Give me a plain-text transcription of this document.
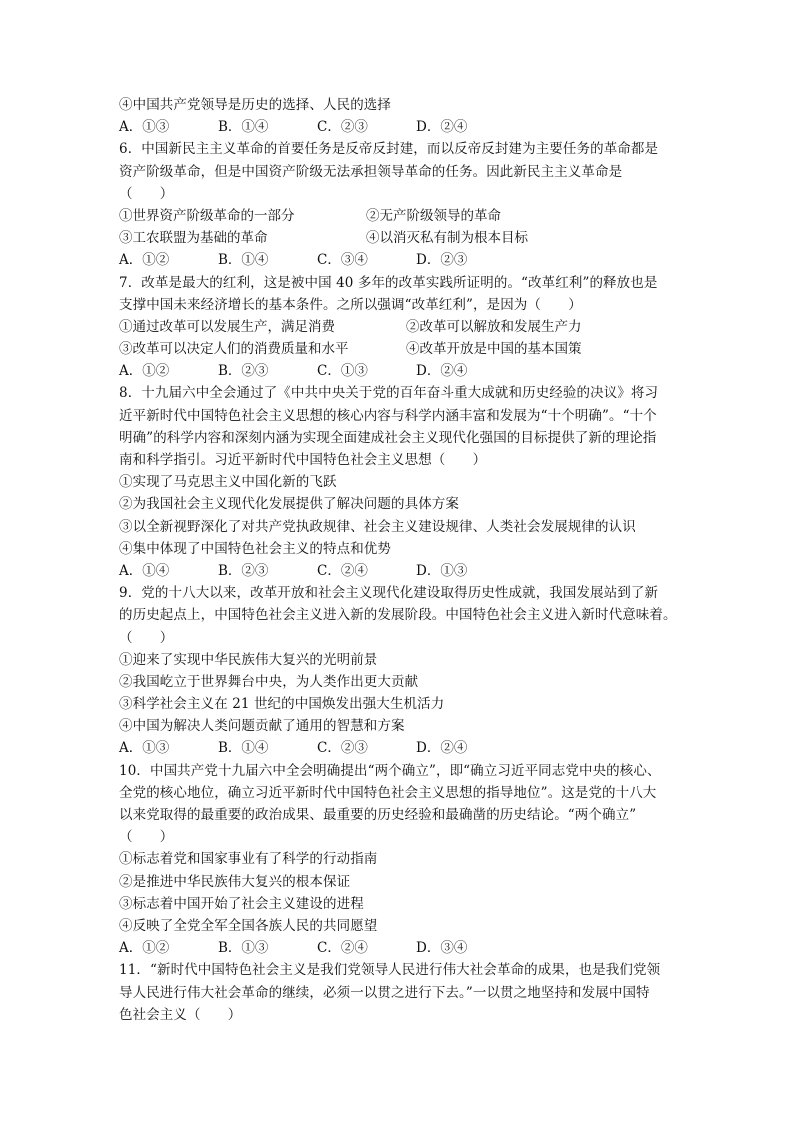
④中国共产党领导是历史的选择、人民的选择
A．①③	B．①④	C．②③	D．②④
6．中国新民主主义革命的首要任务是反帝反封建，而以反帝反封建为主要任务的革命都是
资产阶级革命，但是中国资产阶级无法承担领导革命的任务。因此新民主主义革命是
（　　）
①世界资产阶级革命的一部分	②无产阶级领导的革命
③工农联盟为基础的革命	④以消灭私有制为根本目标
A．①②	B．①④	C．③④	D．②③
7．改革是最大的红利，这是被中国 40 多年的改革实践所证明的。“改革红利”的释放也是
支撑中国未来经济增长的基本条件。之所以强调“改革红利”，是因为（　　）
①通过改革可以发展生产，满足消费	②改革可以解放和发展生产力
③改革可以决定人们的消费质量和水平	④改革开放是中国的基本国策
A．①②	B．②③	C．①③	D．②④
8．十九届六中全会通过了《中共中央关于党的百年奋斗重大成就和历史经验的决议》将习
近平新时代中国特色社会主义思想的核心内容与科学内涵丰富和发展为“十个明确”。“十个
明确”的科学内容和深刻内涵为实现全面建成社会主义现代化强国的目标提供了新的理论指
南和科学指引。习近平新时代中国特色社会主义思想（　　）
①实现了马克思主义中国化新的飞跃
②为我国社会主义现代化发展提供了解决问题的具体方案
③以全新视野深化了对共产党执政规律、社会主义建设规律、人类社会发展规律的认识
④集中体现了中国特色社会主义的特点和优势
A．①④	B．②③	C．②④	D．①③
9．党的十八大以来，改革开放和社会主义现代化建设取得历史性成就，我国发展站到了新
的历史起点上，中国特色社会主义进入新的发展阶段。中国特色社会主义进入新时代意味着。
（　　）
①迎来了实现中华民族伟大复兴的光明前景
②我国屹立于世界舞台中央，为人类作出更大贡献
③科学社会主义在 21 世纪的中国焕发出强大生机活力
④中国为解决人类问题贡献了通用的智慧和方案
A．①③	B．①④	C．②③	D．②④
10．中国共产党十九届六中全会明确提出“两个确立”，即“确立习近平同志党中央的核心、
全党的核心地位，确立习近平新时代中国特色社会主义思想的指导地位”。这是党的十八大
以来党取得的最重要的政治成果、最重要的历史经验和最确凿的历史结论。“两个确立”
（　　）
①标志着党和国家事业有了科学的行动指南
②是推进中华民族伟大复兴的根本保证
③标志着中国开始了社会主义建设的进程
④反映了全党全军全国各族人民的共同愿望
A．①②	B．①③	C．②④	D．③④
11．“新时代中国特色社会主义是我们党领导人民进行伟大社会革命的成果，也是我们党领
导人民进行伟大社会革命的继续，必须一以贯之进行下去。”一以贯之地坚持和发展中国特
色社会主义（　　）
